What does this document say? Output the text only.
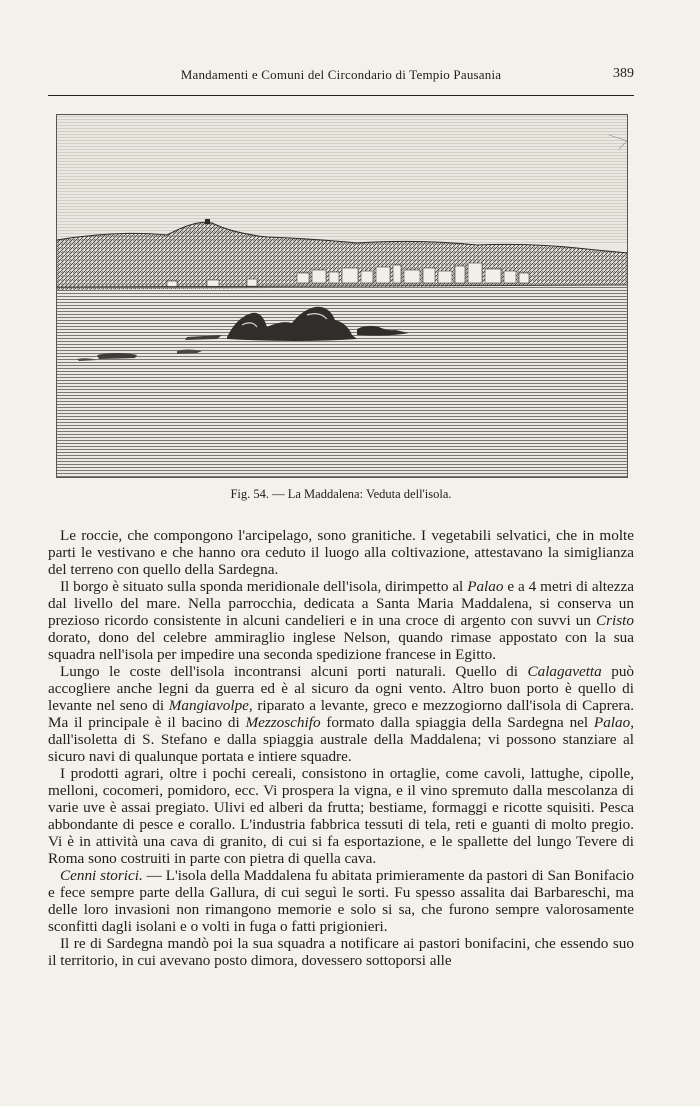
Mandamenti e Comuni del Circondario di Tempio Pausania	389
Fig. 54. — La Maddalena: Veduta dell'isola.

Le roccie, che compongono l'arcipelago, sono granitiche. I vegetabili selvatici, che in molte parti le vestivano e che hanno ora ceduto il luogo alla coltivazione, attestavano la simiglianza del terreno con quello della Sardegna.

Il borgo è situato sulla sponda meridionale dell'isola, dirimpetto al Palao e a 4 metri di altezza dal livello del mare. Nella parrocchia, dedicata a Santa Maria Maddalena, si conserva un prezioso ricordo consistente in alcuni candelieri e in una croce di argento con suvvi un Cristo dorato, dono del celebre ammiraglio inglese Nelson, quando rimase appostato con la sua squadra nell'isola per impedire una seconda spedizione francese in Egitto.

Lungo le coste dell'isola incontransi alcuni porti naturali. Quello di Calagavetta può accogliere anche legni da guerra ed è al sicuro da ogni vento. Altro buon porto è quello di levante nel seno di Mangiavolpe, riparato a levante, greco e mezzogiorno dall'isola di Caprera. Ma il principale è il bacino di Mezzoschifo formato dalla spiaggia della Sardegna nel Palao, dall'isoletta di S. Stefano e dalla spiaggia australe della Maddalena; vi possono stanziare al sicuro navi di qualunque portata e intiere squadre.

I prodotti agrari, oltre i pochi cereali, consistono in ortaglie, come cavoli, lattughe, cipolle, melloni, cocomeri, pomidoro, ecc. Vi prospera la vigna, e il vino spremuto dalla mescolanza di varie uve è assai pregiato. Ulivi ed alberi da frutta; bestiame, formaggi e ricotte squisiti. Pesca abbondante di pesce e corallo. L'industria fabbrica tessuti di tela, reti e guanti di molto pregio. Vi è in attività una cava di granito, di cui si fa esportazione, e le spallette del lungo Tevere di Roma sono costruiti in parte con pietra di quella cava.

Cenni storici. — L'isola della Maddalena fu abitata primieramente da pastori di San Bonifacio e fece sempre parte della Gallura, di cui seguì le sorti. Fu spesso assalita dai Barbareschi, ma delle loro invasioni non rimangono memorie e solo si sa, che furono sempre valorosamente sconfitti dagli isolani e o volti in fuga o fatti prigionieri.

Il re di Sardegna mandò poi la sua squadra a notificare ai pastori bonifacini, che essendo suo il territorio, in cui avevano posto dimora, dovessero sottoporsi alle
